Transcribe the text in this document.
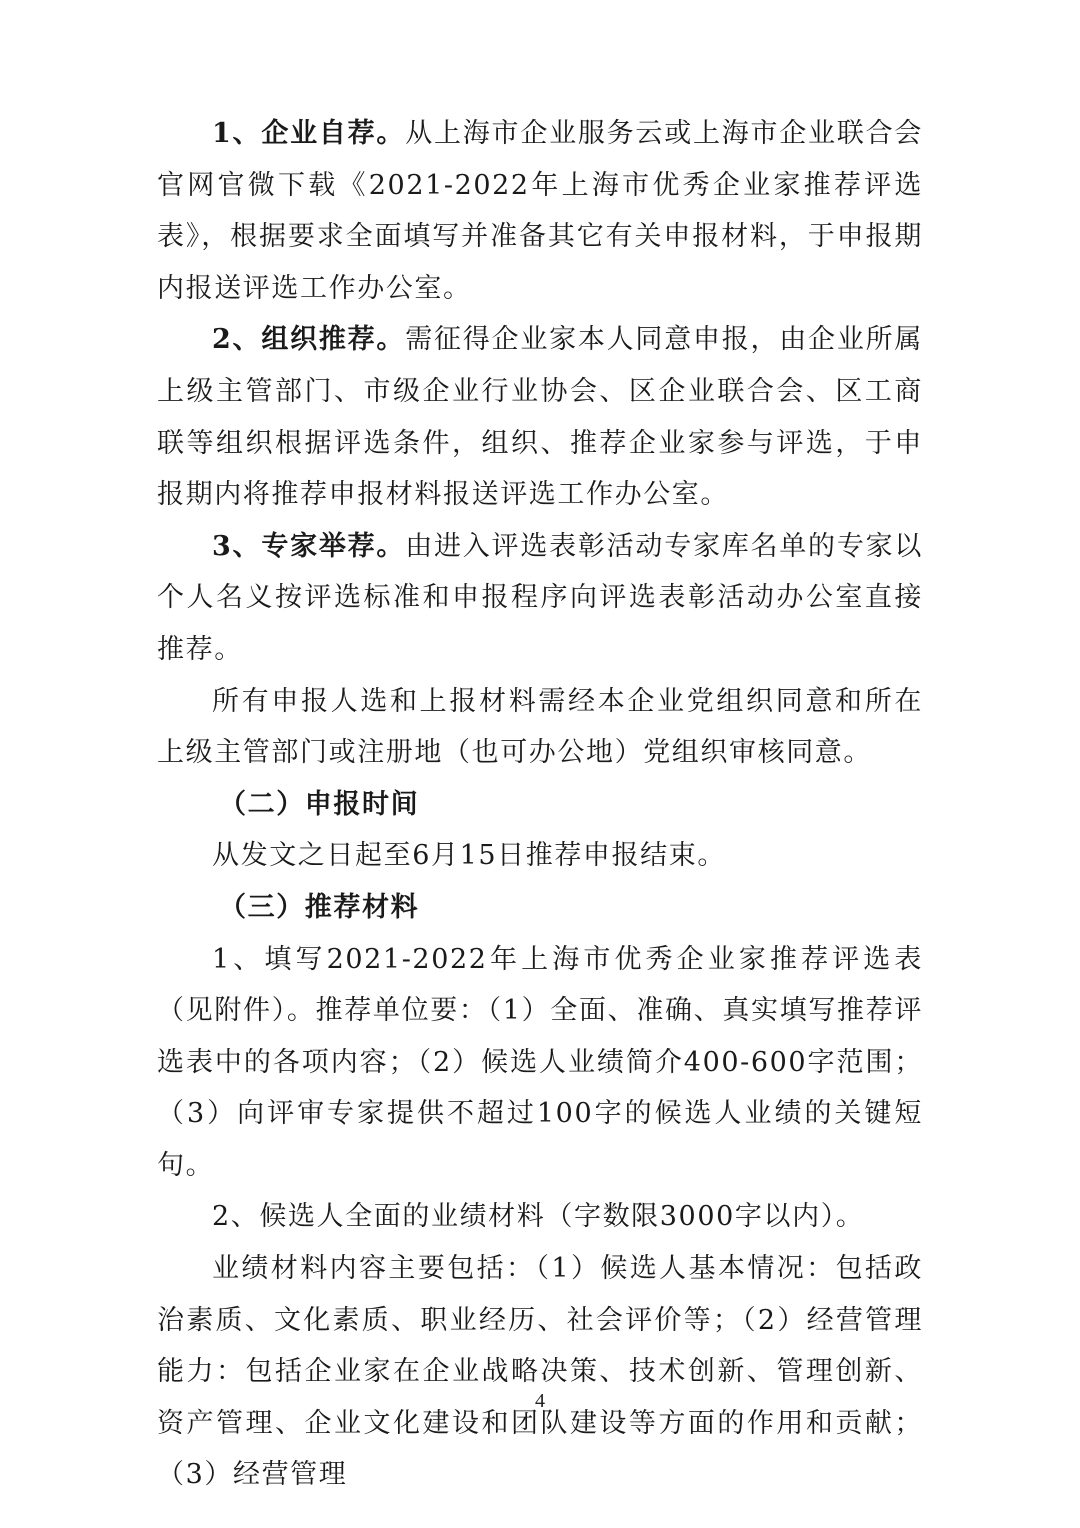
1、企业自荐。从上海市企业服务云或上海市企业联合会官网官微下载《2021-2022年上海市优秀企业家推荐评选表》，根据要求全面填写并准备其它有关申报材料，于申报期内报送评选工作办公室。

2、组织推荐。需征得企业家本人同意申报，由企业所属上级主管部门、市级企业行业协会、区企业联合会、区工商联等组织根据评选条件，组织、推荐企业家参与评选，于申报期内将推荐申报材料报送评选工作办公室。

3、专家举荐。由进入评选表彰活动专家库名单的专家以个人名义按评选标准和申报程序向评选表彰活动办公室直接推荐。

所有申报人选和上报材料需经本企业党组织同意和所在上级主管部门或注册地（也可办公地）党组织审核同意。

（二）申报时间

从发文之日起至6月15日推荐申报结束。

（三）推荐材料

1、填写2021-2022年上海市优秀企业家推荐评选表（见附件）。推荐单位要：（1）全面、准确、真实填写推荐评选表中的各项内容；（2）候选人业绩简介400-600字范围；（3）向评审专家提供不超过100字的候选人业绩的关键短句。

2、候选人全面的业绩材料（字数限3000字以内）。

业绩材料内容主要包括：（1）候选人基本情况：包括政治素质、文化素质、职业经历、社会评价等；（2）经营管理能力：包括企业家在企业战略决策、技术创新、管理创新、资产管理、企业文化建设和团队建设等方面的作用和贡献；（3）经营管理

4
